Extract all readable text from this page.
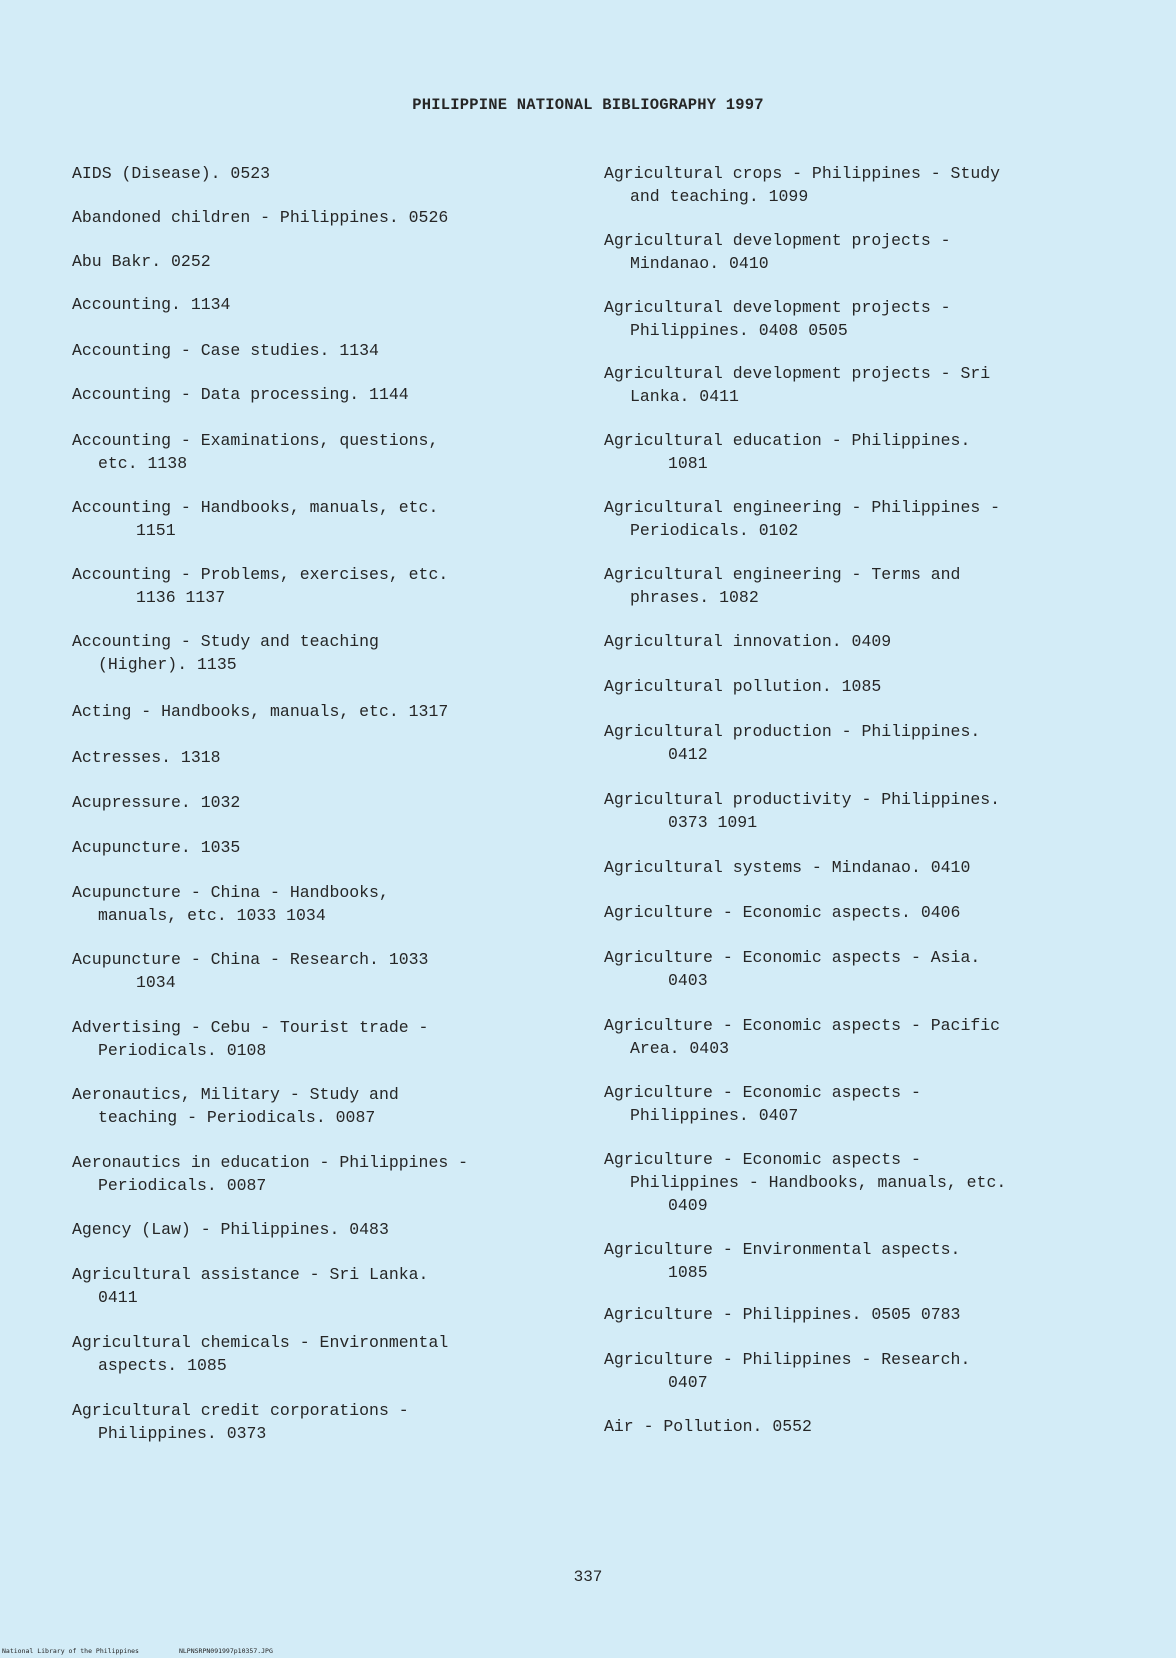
PHILIPPINE NATIONAL BIBLIOGRAPHY 1997
AIDS (Disease). 0523
Abandoned children - Philippines. 0526
Abu Bakr. 0252
Accounting. 1134
Accounting - Case studies. 1134
Accounting - Data processing. 1144
Accounting - Examinations, questions,
etc. 1138
Accounting - Handbooks, manuals, etc.
1151
Accounting - Problems, exercises, etc.
1136 1137
Accounting - Study and teaching
(Higher). 1135
Acting - Handbooks, manuals, etc. 1317
Actresses. 1318
Acupressure. 1032
Acupuncture. 1035
Acupuncture - China - Handbooks,
manuals, etc. 1033 1034
Acupuncture - China - Research. 1033
1034
Advertising - Cebu - Tourist trade -
Periodicals. 0108
Aeronautics, Military - Study and
teaching - Periodicals. 0087
Aeronautics in education - Philippines -
Periodicals. 0087
Agency (Law) - Philippines. 0483
Agricultural assistance - Sri Lanka.
0411
Agricultural chemicals - Environmental
aspects. 1085
Agricultural credit corporations -
Philippines. 0373
Agricultural crops - Philippines - Study
and teaching. 1099
Agricultural development projects -
Mindanao. 0410
Agricultural development projects -
Philippines. 0408 0505
Agricultural development projects - Sri
Lanka. 0411
Agricultural education - Philippines.
1081
Agricultural engineering - Philippines -
Periodicals. 0102
Agricultural engineering - Terms and
phrases. 1082
Agricultural innovation. 0409
Agricultural pollution. 1085
Agricultural production - Philippines.
0412
Agricultural productivity - Philippines.
0373 1091
Agricultural systems - Mindanao. 0410
Agriculture - Economic aspects. 0406
Agriculture - Economic aspects - Asia.
0403
Agriculture - Economic aspects - Pacific
Area. 0403
Agriculture - Economic aspects -
Philippines. 0407
Agriculture - Economic aspects -
Philippines - Handbooks, manuals, etc.
0409
Agriculture - Environmental aspects.
1085
Agriculture - Philippines. 0505 0783
Agriculture - Philippines - Research.
0407
Air - Pollution. 0552
337
National Library of the Philippines	NLPNSRPN091997p10357.JPG
